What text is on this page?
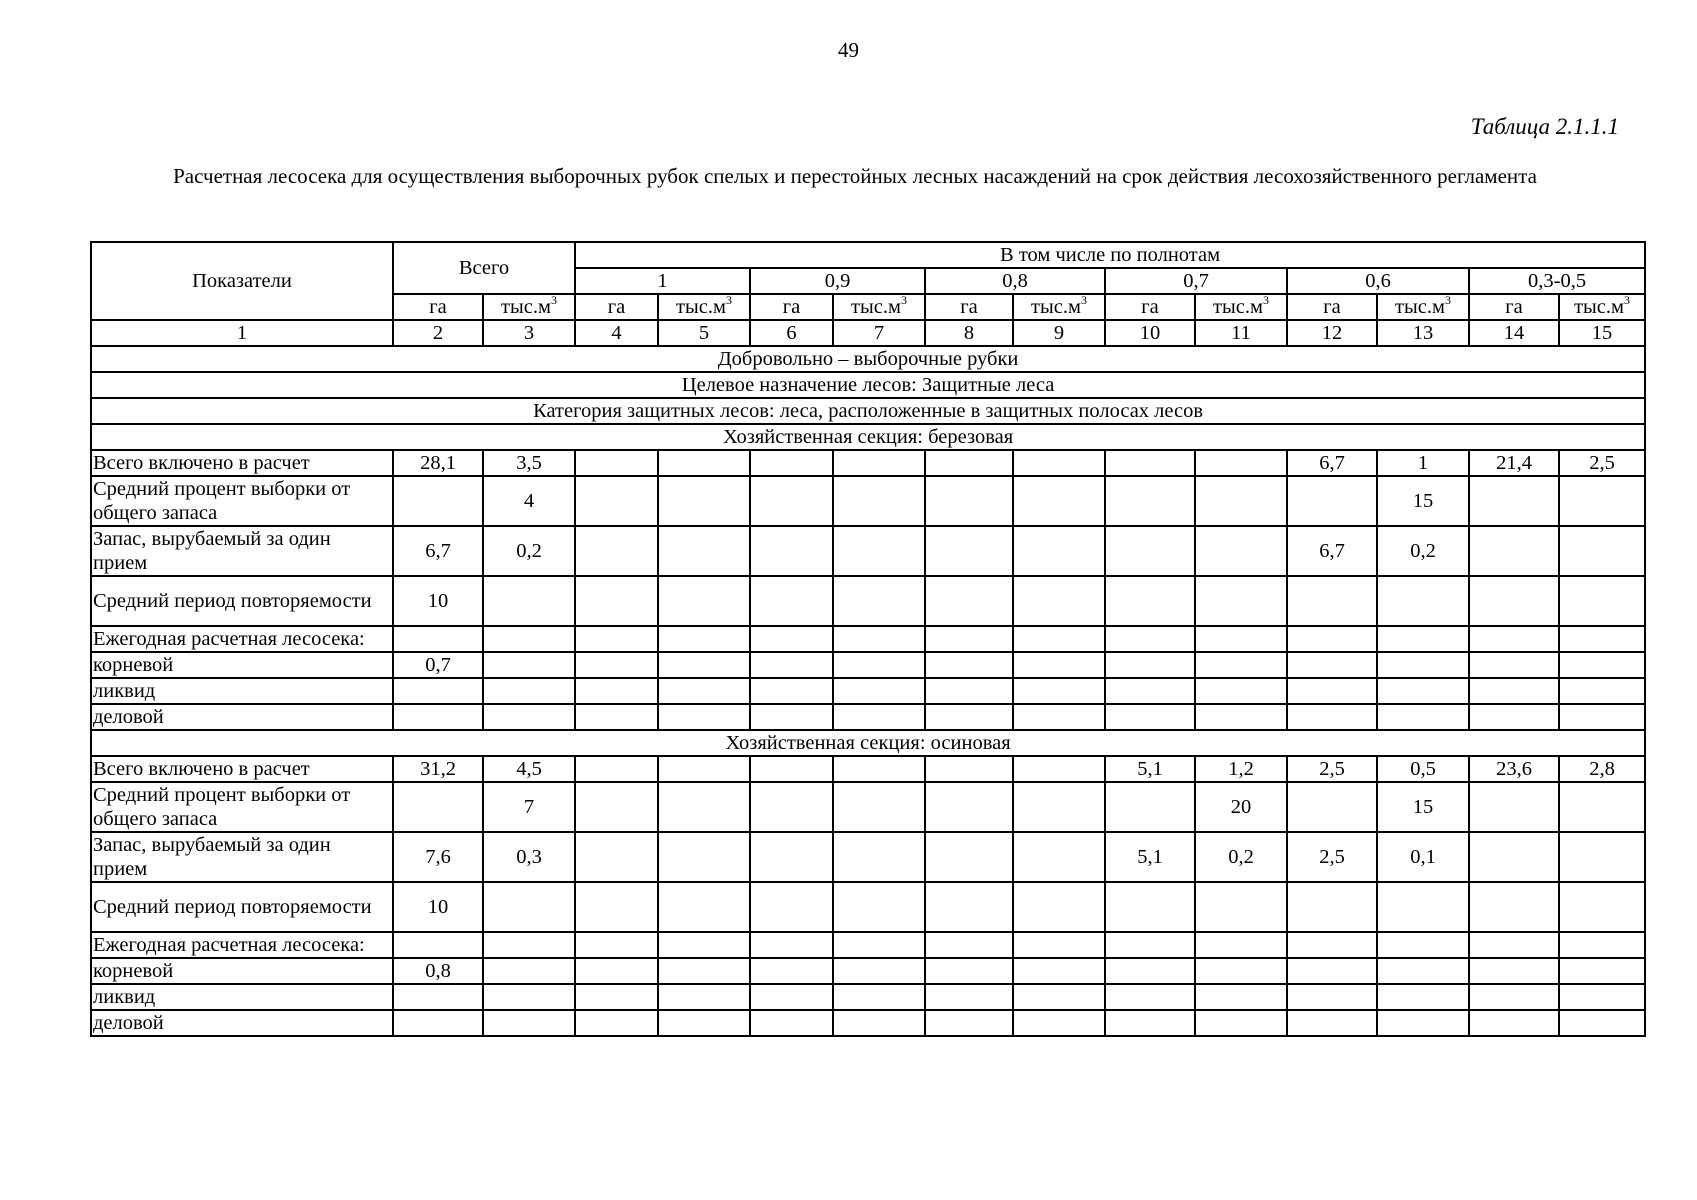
49
Таблица 2.1.1.1
Расчетная лесосека для осуществления выборочных рубок спелых и перестойных лесных насаждений на срок действия лесохозяйственного регламента
Показатели	Всего		В том числе по полнотам											
			1		0,9		0,8		0,7		0,6		0,3-0,5	
	га	$тыс.м^3$	га	$тыс.м^3$	га	$тыс.м^3$	га	$тыс.м^3$	га	$тыс.м^3$	га	$тыс.м^3$	га	$тыс.м^3$
1	2	3	4	5	6	7	8	9	10	11	12	13	14	15
Добровольно – выборочные рубки														
Целевое назначение лесов: Защитные леса														
Категория защитных лесов: леса, расположенные в защитных полосах лесов														
Хозяйственная секция: березовая														
Всего включено в расчет	28,1	3,5									6,7	1	21,4	2,5
Средний процент выборки от общего запаса		4										15		
Запас, вырубаемый за один прием	6,7	0,2									6,7	0,2		
Средний период повторяемости	10													
Ежегодная расчетная лесосека:														
корневой	0,7													
ликвид														
деловой														
Хозяйственная секция: осиновая														
Всего включено в расчет	31,2	4,5							5,1	1,2	2,5	0,5	23,6	2,8
Средний процент выборки от общего запаса		7								20		15		
Запас, вырубаемый за один прием	7,6	0,3							5,1	0,2	2,5	0,1		
Средний период повторяемости	10													
Ежегодная расчетная лесосека:														
корневой	0,8													
ликвид														
деловой														
